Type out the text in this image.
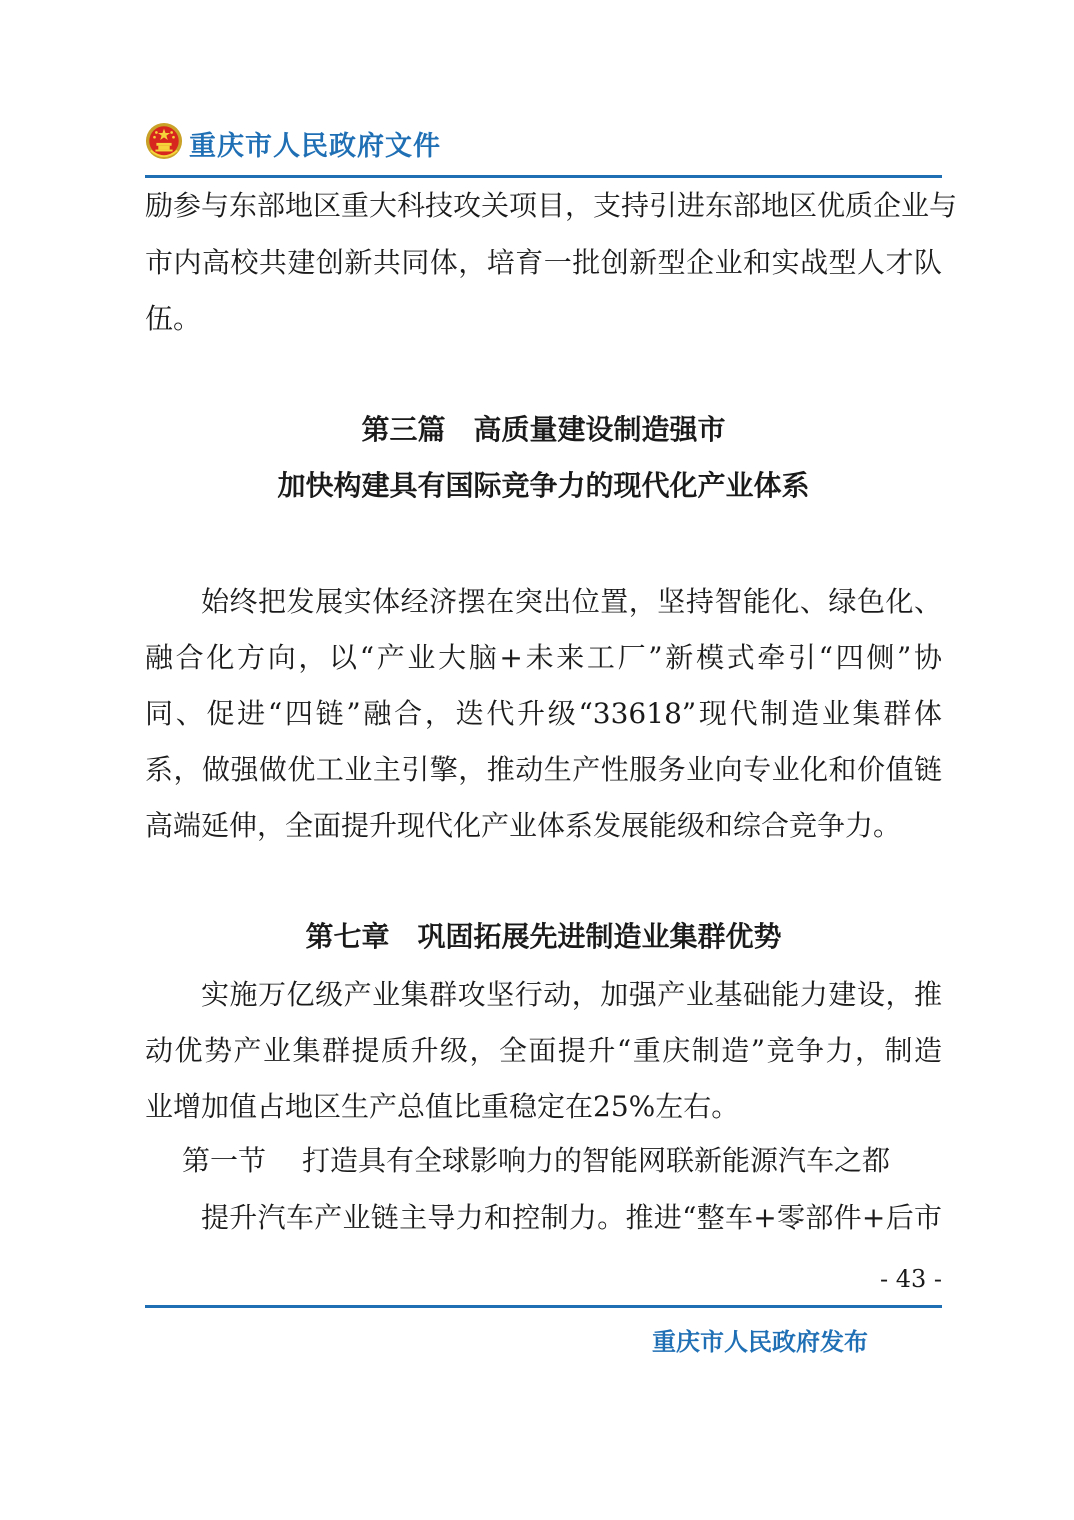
重庆市人民政府文件
励参与东部地区重大科技攻关项目，支持引进东部地区优质企业与
市内高校共建创新共同体，培育一批创新型企业和实战型人才队
伍。
第三篇　高质量建设制造强市
加快构建具有国际竞争力的现代化产业体系
始终把发展实体经济摆在突出位置，坚持智能化、绿色化、
融合化方向，以“产业大脑+未来工厂”新模式牵引“四侧”协
同、促进“四链”融合，迭代升级“33618”现代制造业集群体
系，做强做优工业主引擎，推动生产性服务业向专业化和价值链
高端延伸，全面提升现代化产业体系发展能级和综合竞争力。
第七章　巩固拓展先进制造业集群优势
实施万亿级产业集群攻坚行动，加强产业基础能力建设，推
动优势产业集群提质升级，全面提升“重庆制造”竞争力，制造
业增加值占地区生产总值比重稳定在25%左右。
第一节 打造具有全球影响力的智能网联新能源汽车之都
提升汽车产业链主导力和控制力。推进“整车+零部件+后市
- 43 -
重庆市人民政府发布
